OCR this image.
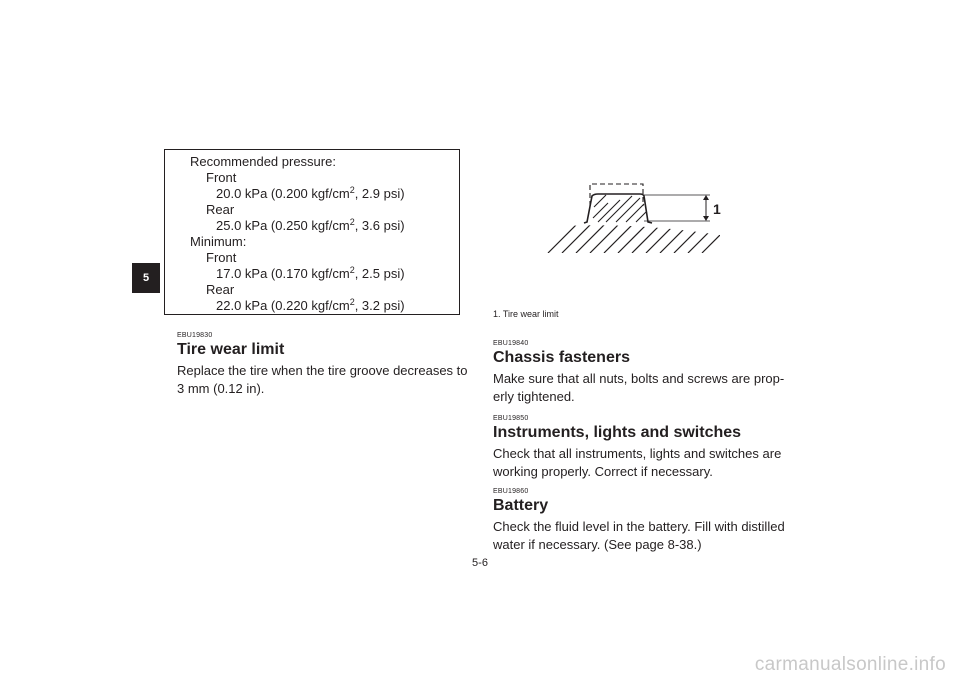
5
Recommended pressure:
Front
20.0 kPa (0.200 kgf/$cm^2$, 2.9 psi)
Rear
25.0 kPa (0.250 kgf/$cm^2$, 3.6 psi)
Minimum:
Front
17.0 kPa (0.170 kgf/$cm^2$, 2.5 psi)
Rear
22.0 kPa (0.220 kgf/$cm^2$, 3.2 psi)
EBU19830
Tire wear limit
Replace the tire when the tire groove decreases to 3 mm (0.12 in).
1
1. Tire wear limit
EBU19840
Chassis fasteners
Make sure that all nuts, bolts and screws are prop-erly tightened.
EBU19850
Instruments, lights and switches
Check that all instruments, lights and switches are working properly. Correct if necessary.
EBU19860
Battery
Check the fluid level in the battery. Fill with distilled water if necessary. (See page 8-38.)
5-6
carmanualsonline.info
